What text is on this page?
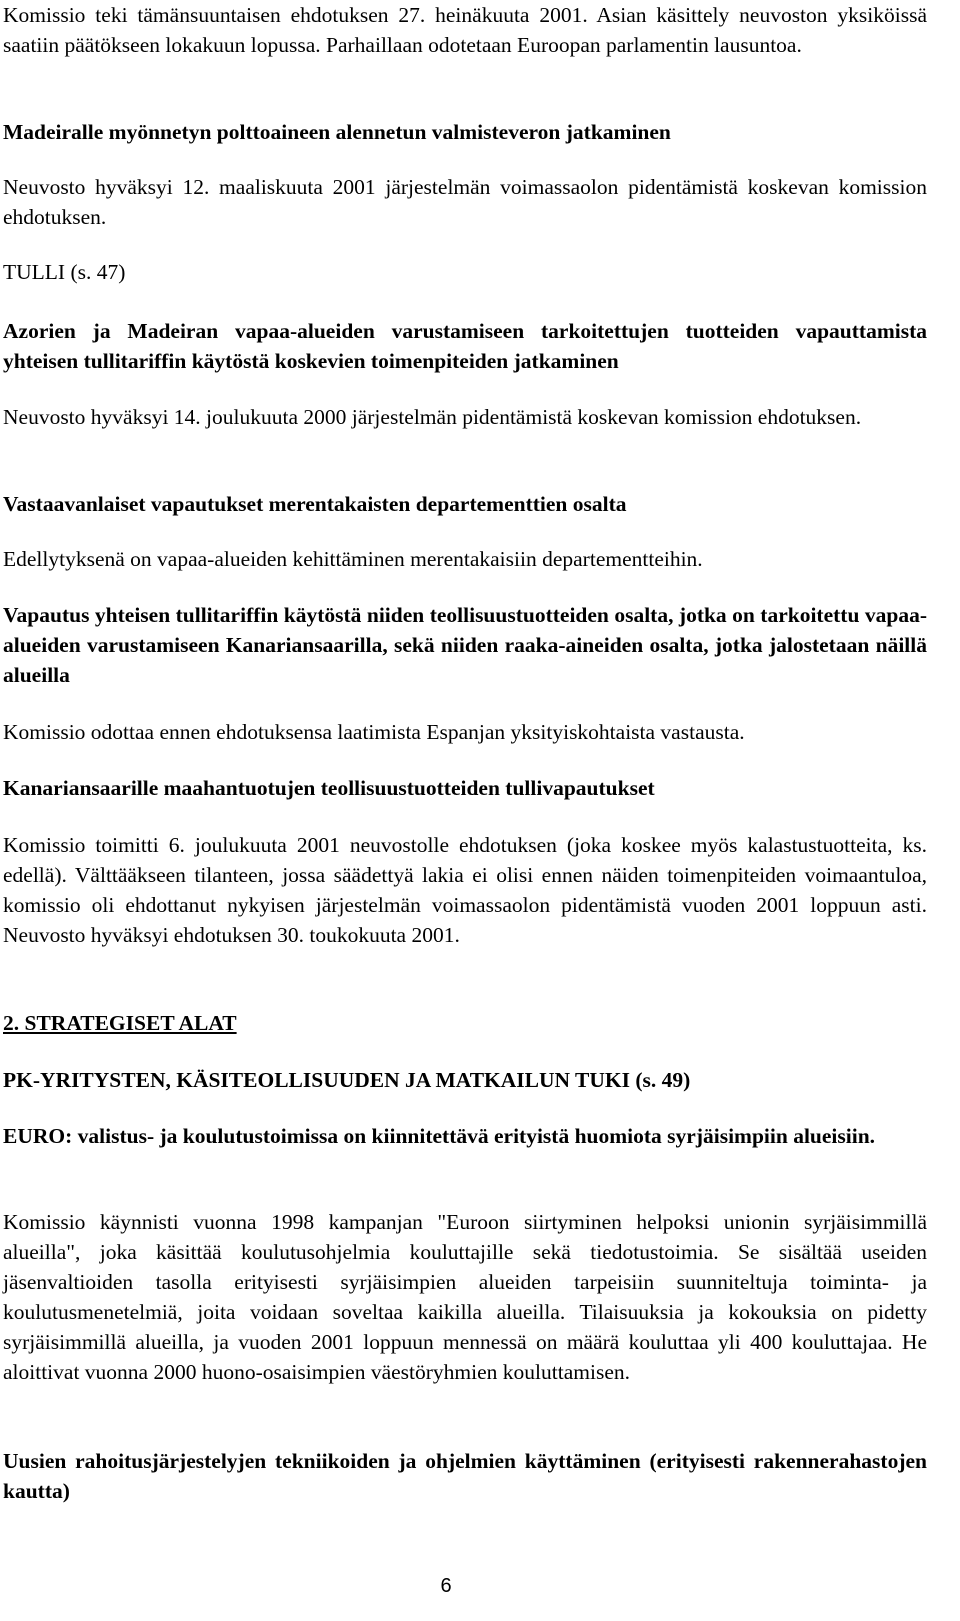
Komissio teki tämänsuuntaisen ehdotuksen 27. heinäkuuta 2001. Asian käsittely neuvoston yksiköissä saatiin päätökseen lokakuun lopussa. Parhaillaan odotetaan Euroopan parlamentin lausuntoa.

Madeiralle myönnetyn polttoaineen alennetun valmisteveron jatkaminen

Neuvosto hyväksyi 12. maaliskuuta 2001 järjestelmän voimassaolon pidentämistä koskevan komission ehdotuksen.

TULLI (s. 47)

Azorien ja Madeiran vapaa-alueiden varustamiseen tarkoitettujen tuotteiden vapauttamista yhteisen tullitariffin käytöstä koskevien toimenpiteiden jatkaminen

Neuvosto hyväksyi 14. joulukuuta 2000 järjestelmän pidentämistä koskevan komission ehdotuksen.

Vastaavanlaiset vapautukset merentakaisten departementtien osalta

Edellytyksenä on vapaa-alueiden kehittäminen merentakaisiin departementteihin.

Vapautus yhteisen tullitariffin käytöstä niiden teollisuustuotteiden osalta, jotka on tarkoitettu vapaa-alueiden varustamiseen Kanariansaarilla, sekä niiden raaka-aineiden osalta, jotka jalostetaan näillä alueilla

Komissio odottaa ennen ehdotuksensa laatimista Espanjan yksityiskohtaista vastausta.

Kanariansaarille maahantuotujen teollisuustuotteiden tullivapautukset

Komissio toimitti 6. joulukuuta 2001 neuvostolle ehdotuksen (joka koskee myös kalastustuotteita, ks. edellä). Välttääkseen tilanteen, jossa säädettyä lakia ei olisi ennen näiden toimenpiteiden voimaantuloa, komissio oli ehdottanut nykyisen järjestelmän voimassaolon pidentämistä vuoden 2001 loppuun asti. Neuvosto hyväksyi ehdotuksen 30. toukokuuta 2001.

2. STRATEGISET ALAT

PK-YRITYSTEN, KÄSITEOLLISUUDEN JA MATKAILUN TUKI (s. 49)

EURO: valistus- ja koulutustoimissa on kiinnitettävä erityistä huomiota syrjäisimpiin alueisiin.

Komissio käynnisti vuonna 1998 kampanjan "Euroon siirtyminen helpoksi unionin syrjäisimmillä alueilla", joka käsittää koulutusohjelmia kouluttajille sekä tiedotustoimia. Se sisältää useiden jäsenvaltioiden tasolla erityisesti syrjäisimpien alueiden tarpeisiin suunniteltuja toiminta- ja koulutusmenetelmiä, joita voidaan soveltaa kaikilla alueilla. Tilaisuuksia ja kokouksia on pidetty syrjäisimmillä alueilla, ja vuoden 2001 loppuun mennessä on määrä kouluttaa yli 400 kouluttajaa. He aloittivat vuonna 2000 huono-osaisimpien väestöryhmien kouluttamisen.

Uusien rahoitusjärjestelyjen tekniikoiden ja ohjelmien käyttäminen (erityisesti rakennerahastojen kautta)

6
